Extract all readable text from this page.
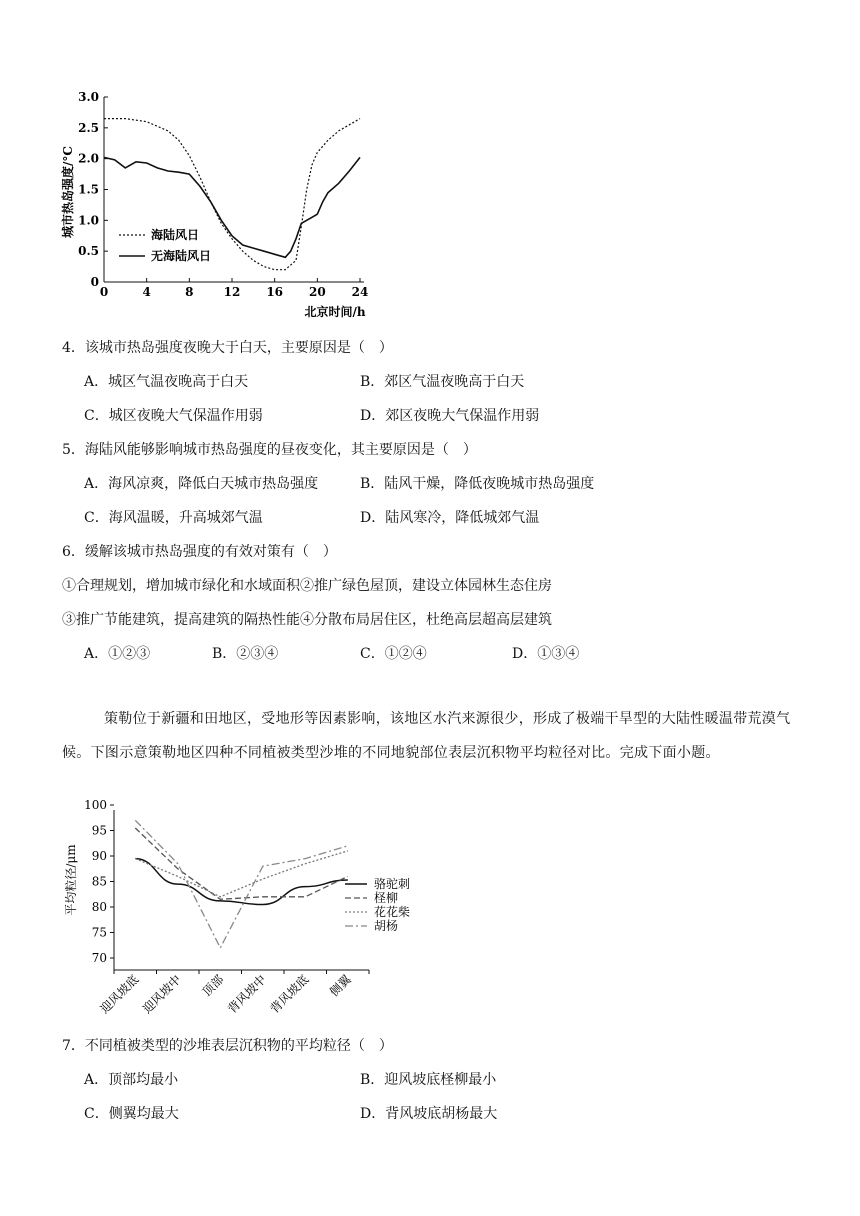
0	4	8	12 16 20 24
0
0.5
1.0
1.5
2.0
2.5
3.0
海陆风日
无海陆风日
北京时间/h
城市热岛强度/°C
4．该城市热岛强度夜晚大于白天，主要原因是（　）
A．城区气温夜晚高于白天	B．郊区气温夜晚高于白天
C．城区夜晚大气保温作用弱	D．郊区夜晚大气保温作用弱
5．海陆风能够影响城市热岛强度的昼夜变化，其主要原因是（　）
A．海风凉爽，降低白天城市热岛强度	B．陆风干燥，降低夜晚城市热岛强度
C．海风温暖，升高城郊气温	D．陆风寒冷，降低城郊气温
6．缓解该城市热岛强度的有效对策有（　）
①合理规划，增加城市绿化和水域面积②推广绿色屋顶，建设立体园林生态住房
③推广节能建筑，提高建筑的隔热性能④分散布局居住区，杜绝高层超高层建筑
A．①②③	B．②③④	C．①②④	D．①③④
策勒位于新疆和田地区，受地形等因素影响，该地区水汽来源很少，形成了极端干旱型的大陆性暖温带荒漠气候。下图示意策勒地区四种不同植被类型沙堆的不同地貌部位表层沉积物平均粒径对比。完成下面小题。
70
75
80
85
90
95
100
迎风坡底
迎风坡中 顶部
背风坡中
背风坡底 侧翼
骆驼刺
柽柳
花花柴
胡杨
平均粒径/μm
7．不同植被类型的沙堆表层沉积物的平均粒径（　）
A．顶部均最小	B．迎风坡底柽柳最小
C．侧翼均最大	D．背风坡底胡杨最大
